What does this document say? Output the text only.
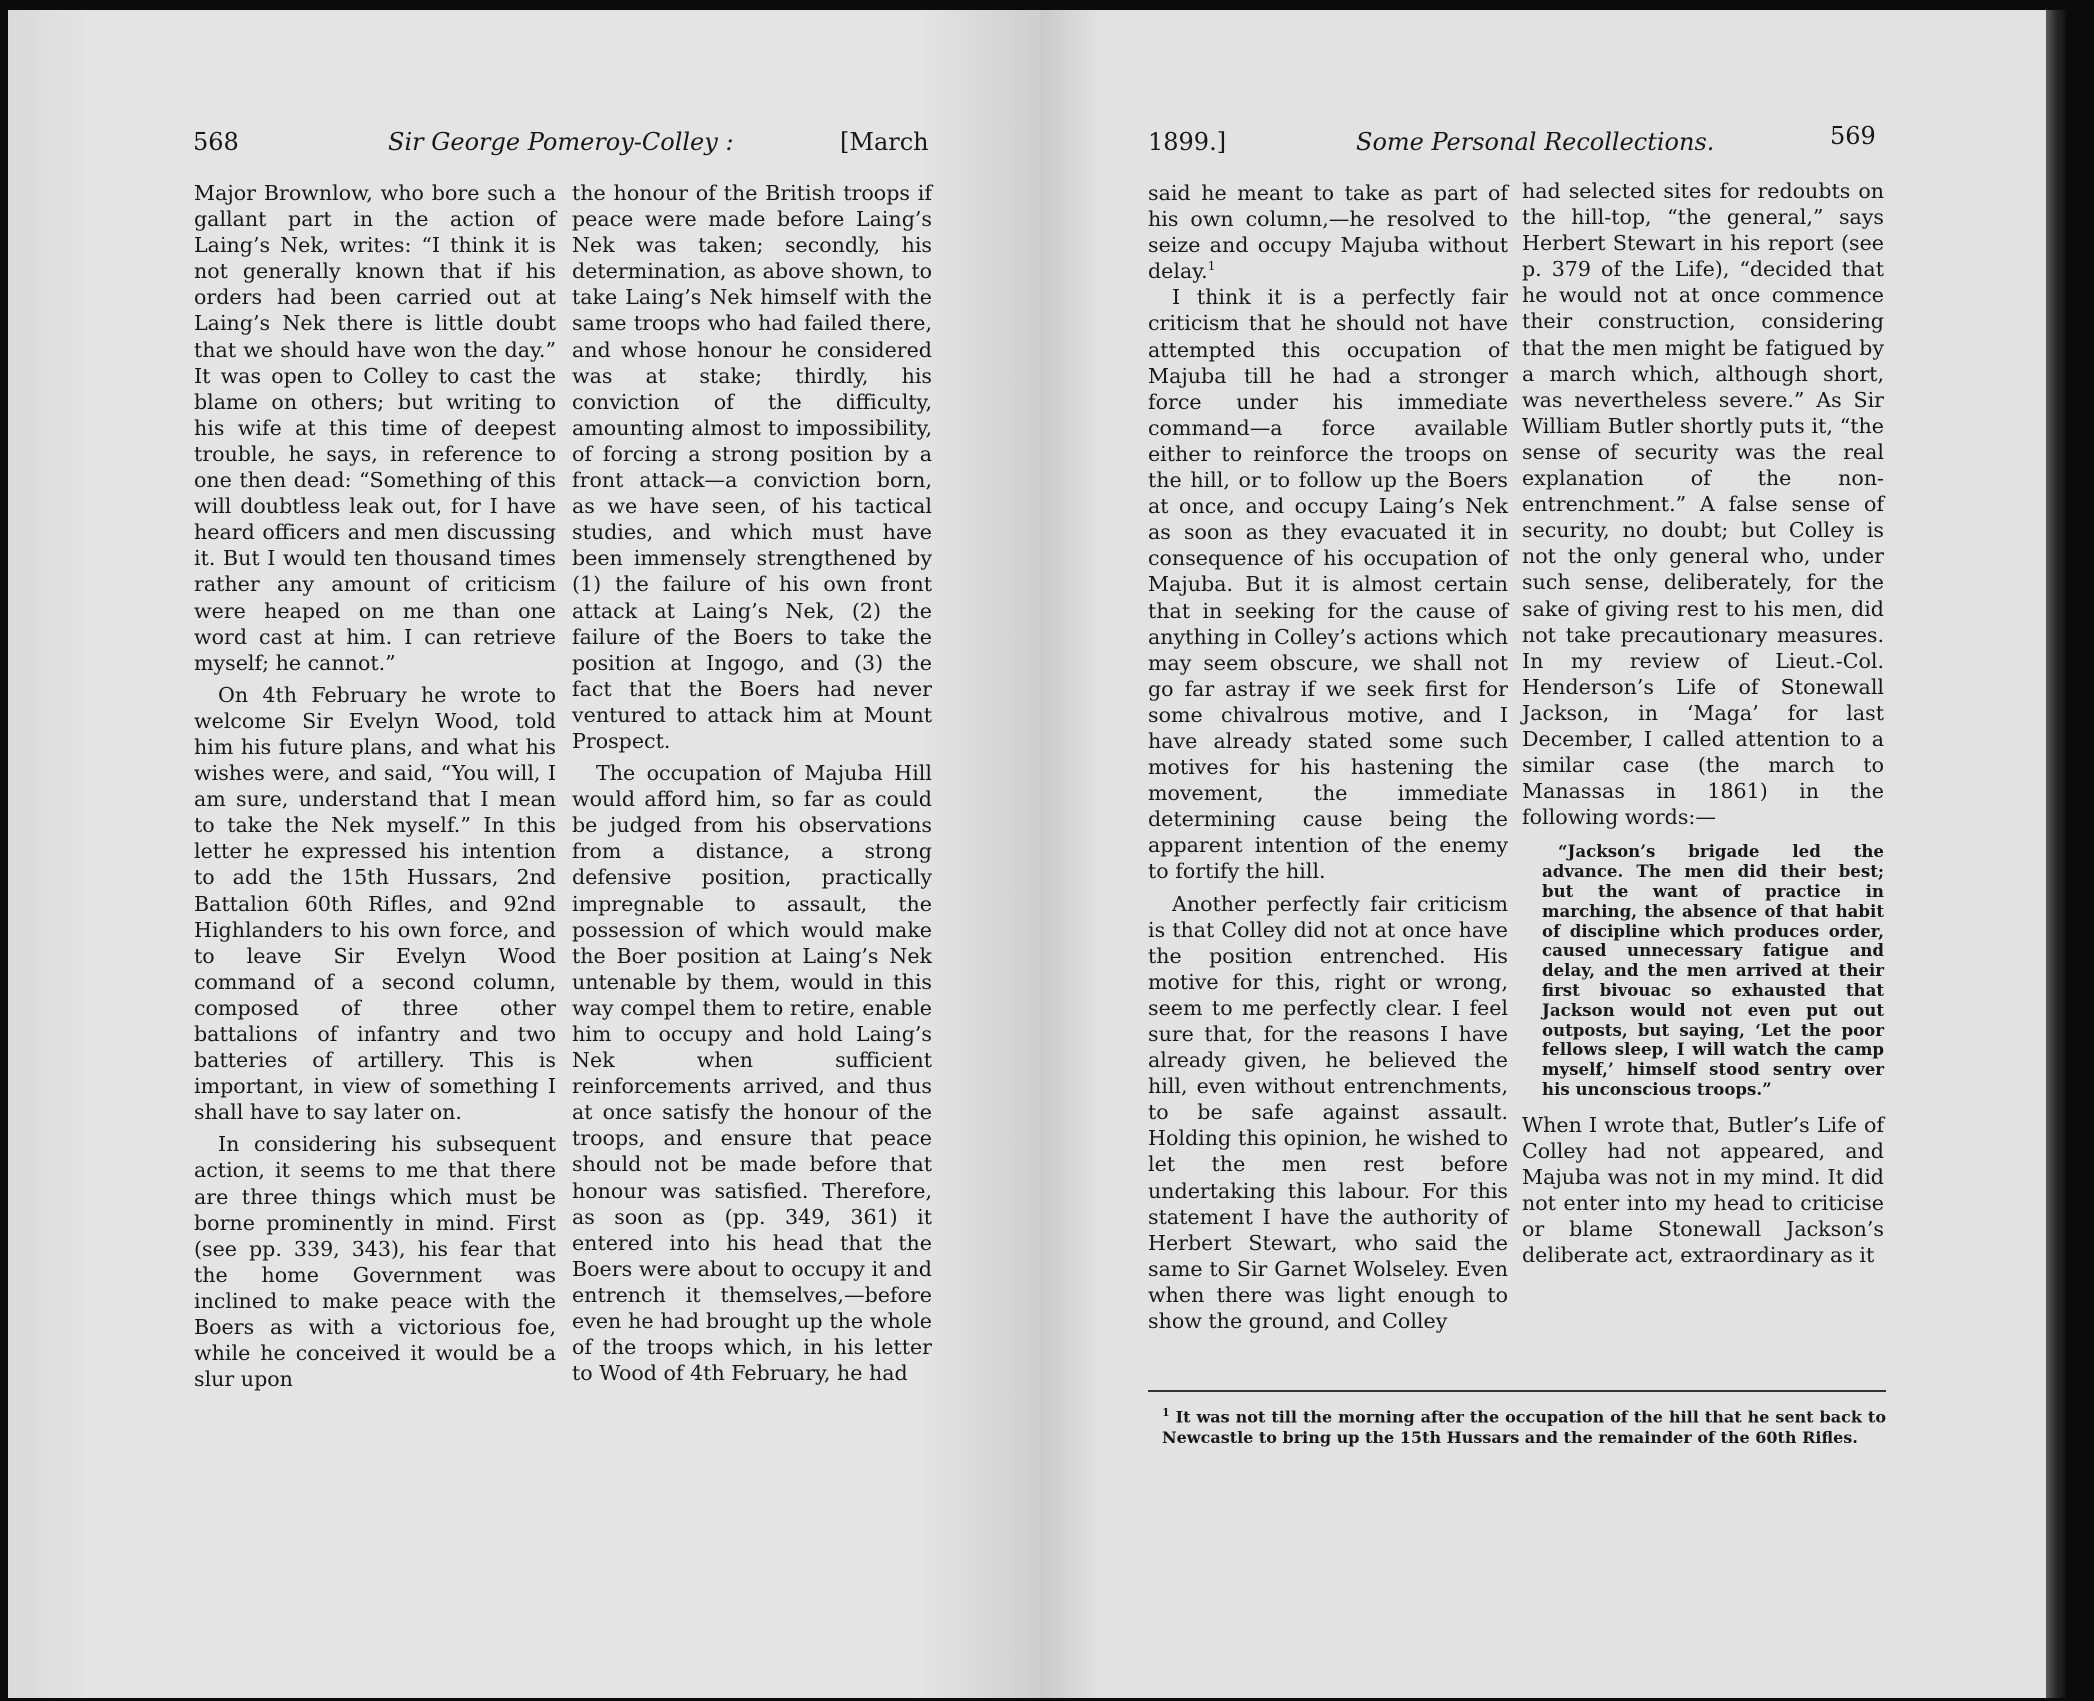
568	Sir George Pomeroy-Colley :	[March

Major Brownlow, who bore such a gallant part in the action of Laing’s Nek, writes: “I think it is not generally known that if his orders had been carried out at Laing’s Nek there is little doubt that we should have won the day.” It was open to Colley to cast the blame on others; but writing to his wife at this time of deepest trouble, he says, in reference to one then dead: “Something of this will doubtless leak out, for I have heard officers and men discussing it. But I would ten thousand times rather any amount of criticism were heaped on me than one word cast at him. I can retrieve myself; he cannot.”

On 4th February he wrote to welcome Sir Evelyn Wood, told him his future plans, and what his wishes were, and said, “You will, I am sure, understand that I mean to take the Nek myself.” In this letter he expressed his intention to add the 15th Hussars, 2nd Battalion 60th Rifles, and 92nd Highlanders to his own force, and to leave Sir Evelyn Wood command of a second column, composed of three other battalions of infantry and two batteries of artillery. This is important, in view of something I shall have to say later on.

In considering his subsequent action, it seems to me that there are three things which must be borne prominently in mind. First (see pp. 339, 343), his fear that the home Government was inclined to make peace with the Boers as with a victorious foe, while he conceived it would be a slur upon

the honour of the British troops if peace were made before Laing’s Nek was taken; secondly, his determination, as above shown, to take Laing’s Nek himself with the same troops who had failed there, and whose honour he considered was at stake; thirdly, his conviction of the difficulty, amounting almost to impossibility, of forcing a strong position by a front attack—a conviction born, as we have seen, of his tactical studies, and which must have been immensely strengthened by (1) the failure of his own front attack at Laing’s Nek, (2) the failure of the Boers to take the position at Ingogo, and (3) the fact that the Boers had never ventured to attack him at Mount Prospect.

The occupation of Majuba Hill would afford him, so far as could be judged from his observations from a distance, a strong defensive position, practically impregnable to assault, the possession of which would make the Boer position at Laing’s Nek untenable by them, would in this way compel them to retire, enable him to occupy and hold Laing’s Nek when sufficient reinforcements arrived, and thus at once satisfy the honour of the troops, and ensure that peace should not be made before that honour was satisfied. Therefore, as soon as (pp. 349, 361) it entered into his head that the Boers were about to occupy it and entrench it themselves,—before even he had brought up the whole of the troops which, in his letter to Wood of 4th February, he had

1899.]	Some Personal Recollections.	569

said he meant to take as part of his own column,—he resolved to seize and occupy Majuba without delay.$^1$

I think it is a perfectly fair criticism that he should not have attempted this occupation of Majuba till he had a stronger force under his immediate command—a force available either to reinforce the troops on the hill, or to follow up the Boers at once, and occupy Laing’s Nek as soon as they evacuated it in consequence of his occupation of Majuba. But it is almost certain that in seeking for the cause of anything in Colley’s actions which may seem obscure, we shall not go far astray if we seek first for some chivalrous motive, and I have already stated some such motives for his hastening the movement, the immediate determining cause being the apparent intention of the enemy to fortify the hill.

Another perfectly fair criticism is that Colley did not at once have the position entrenched. His motive for this, right or wrong, seem to me perfectly clear. I feel sure that, for the reasons I have already given, he believed the hill, even without entrenchments, to be safe against assault. Holding this opinion, he wished to let the men rest before undertaking this labour. For this statement I have the authority of Herbert Stewart, who said the same to Sir Garnet Wolseley. Even when there was light enough to show the ground, and Colley

had selected sites for redoubts on the hill-top, “the general,” says Herbert Stewart in his report (see p. 379 of the Life), “decided that he would not at once commence their construction, considering that the men might be fatigued by a march which, although short, was nevertheless severe.” As Sir William Butler shortly puts it, “the sense of security was the real explanation of the non-entrenchment.” A false sense of security, no doubt; but Colley is not the only general who, under such sense, deliberately, for the sake of giving rest to his men, did not take precautionary measures. In my review of Lieut.-Col. Henderson’s Life of Stonewall Jackson, in ‘Maga’ for last December, I called attention to a similar case (the march to Manassas in 1861) in the following words:—

“Jackson’s brigade led the advance. The men did their best; but the want of practice in marching, the absence of that habit of discipline which produces order, caused unnecessary fatigue and delay, and the men arrived at their first bivouac so exhausted that Jackson would not even put out outposts, but saying, ‘Let the poor fellows sleep, I will watch the camp myself,’ himself stood sentry over his unconscious troops.”

When I wrote that, Butler’s Life of Colley had not appeared, and Majuba was not in my mind. It did not enter into my head to criticise or blame Stonewall Jackson’s deliberate act, extraordinary as it

$^1$ It was not till the morning after the occupation of the hill that he sent back to Newcastle to bring up the 15th Hussars and the remainder of the 60th Rifles.
